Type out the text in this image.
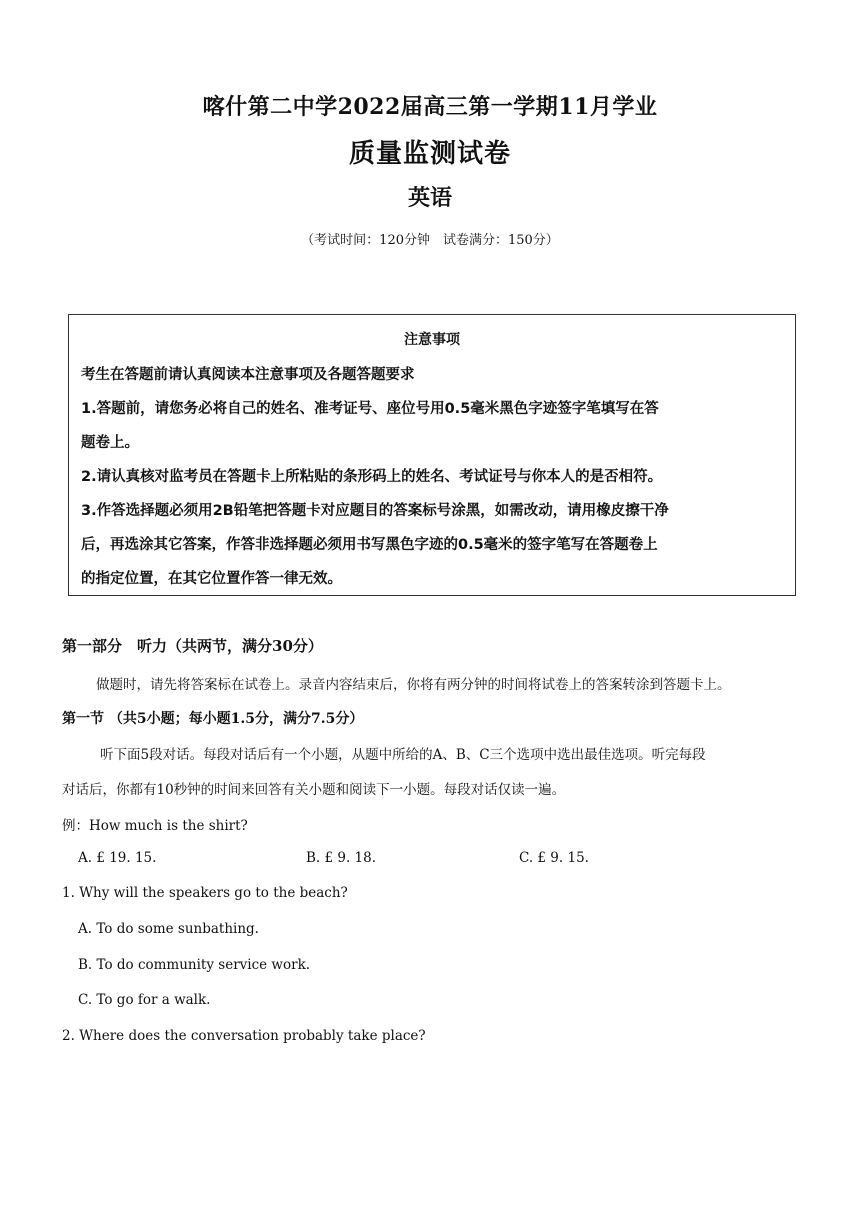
喀什第二中学2022届高三第一学期11月学业
质量监测试卷
英语
（考试时间：120分钟　试卷满分：150分）
注意事项
考生在答题前请认真阅读本注意事项及各题答题要求
1.答题前，请您务必将自己的姓名、准考证号、座位号用0.5毫米黑色字迹签字笔填写在答
题卷上。
2.请认真核对监考员在答题卡上所粘贴的条形码上的姓名、考试证号与你本人的是否相符。
3.作答选择题必须用2B铅笔把答题卡对应题目的答案标号涂黑，如需改动，请用橡皮擦干净
后，再选涂其它答案，作答非选择题必须用书写黑色字迹的0.5毫米的签字笔写在答题卷上
的指定位置，在其它位置作答一律无效。
第一部分　听力（共两节，满分30分）
做题时，请先将答案标在试卷上。录音内容结束后，你将有两分钟的时间将试卷上的答案转涂到答题卡上。
第一节 （共5小题；每小题1.5分，满分7.5分）
听下面5段对话。每段对话后有一个小题，从题中所给的A、B、C三个选项中选出最佳选项。听完每段
对话后，你都有10秒钟的时间来回答有关小题和阅读下一小题。每段对话仅读一遍。
例：How much is the shirt?
A. £ 19. 15.	B. £ 9. 18.	C. £ 9. 15.
1. Why will the speakers go to the beach?
A. To do some sunbathing.
B. To do community service work.
C. To go for a walk.
2. Where does the conversation probably take place?
